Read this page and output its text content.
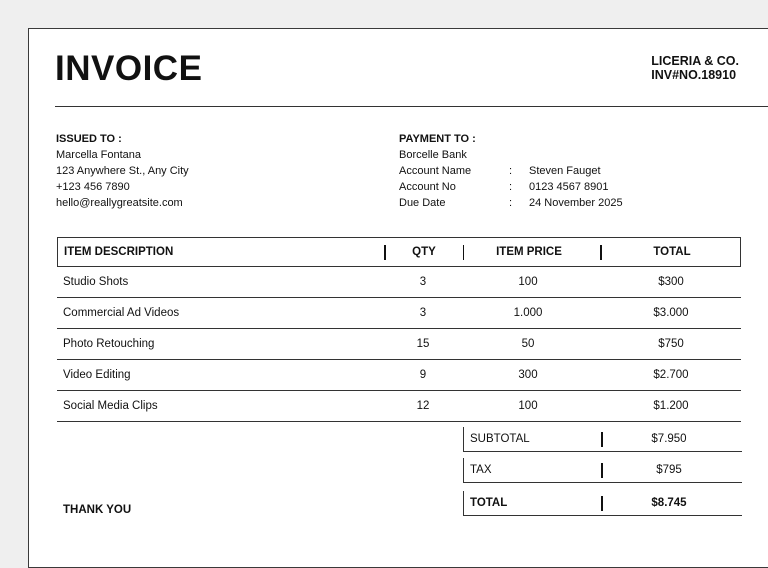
INVOICE	LICERIA & CO.
INV#NO.18910
ISSUED TO :
Marcella Fontana
123 Anywhere St., Any City
+123 456 7890
hello@reallygreatsite.com
PAYMENT TO :
Borcelle Bank
Account Name	:	Steven Fauget
Account No	:	0123 4567 8901
Due Date	:	24 November 2025
ITEM DESCRIPTION	QTY	ITEM PRICE	TOTAL
Studio Shots	3	100	$300
Commercial Ad Videos	3	1.000	$3.000
Photo Retouching	15	50	$750
Video Editing	9	300	$2.700
Social Media Clips	12	100	$1.200
SUBTOTAL	$7.950
TAX	$795
TOTAL	$8.745
THANK YOU
